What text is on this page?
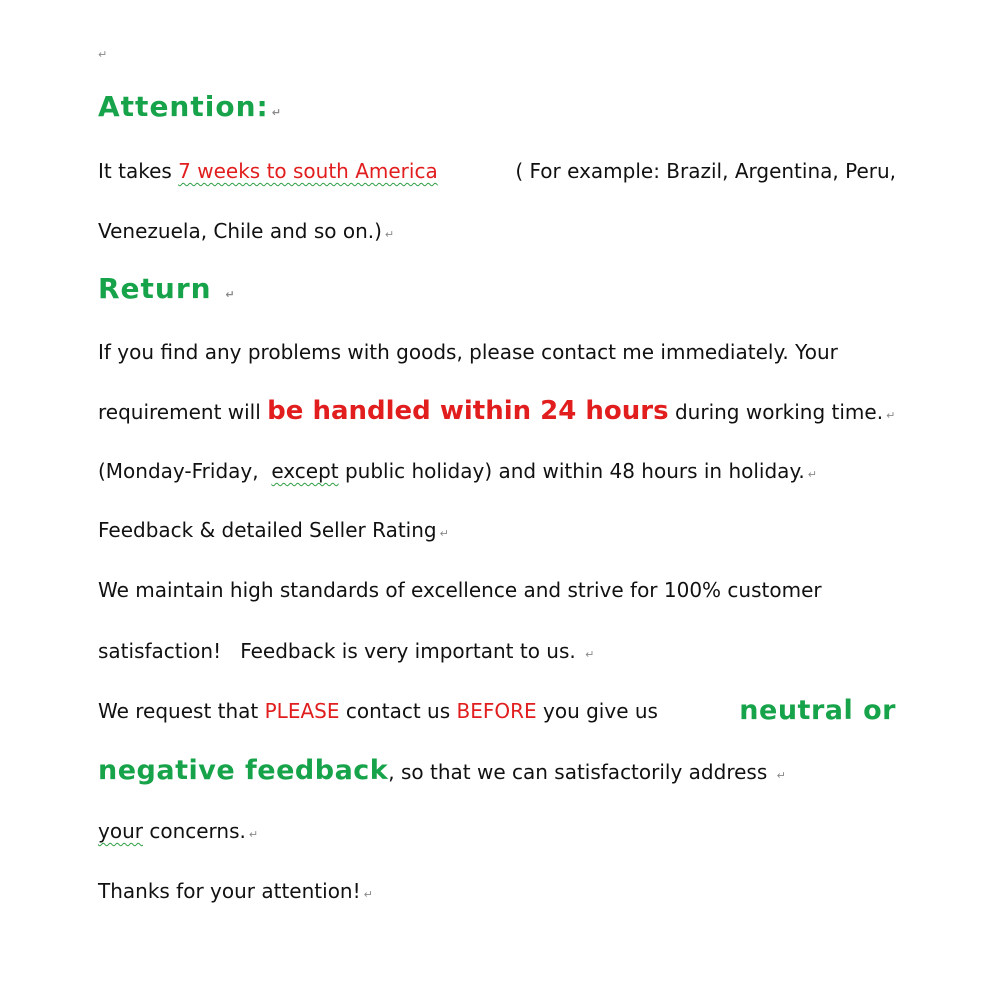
↵
Attention: ↵
It takes 7 weeks to south America	( For example: Brazil, Argentina, Peru,
Venezuela, Chile and so on.) ↵
Return ↵
If you find any problems with goods, please contact me immediately. Your
requirement will be handled within 24 hours during working time. ↵
(Monday-Friday, except public holiday) and within 48 hours in holiday. ↵
Feedback & detailed Seller Rating ↵
We maintain high standards of excellence and strive for 100% customer
satisfaction!   Feedback is very important to us. ↵
We request that PLEASE contact us BEFORE you give us	neutral or
negative feedback, so that we can satisfactorily address ↵
your concerns. ↵
Thanks for your attention! ↵
